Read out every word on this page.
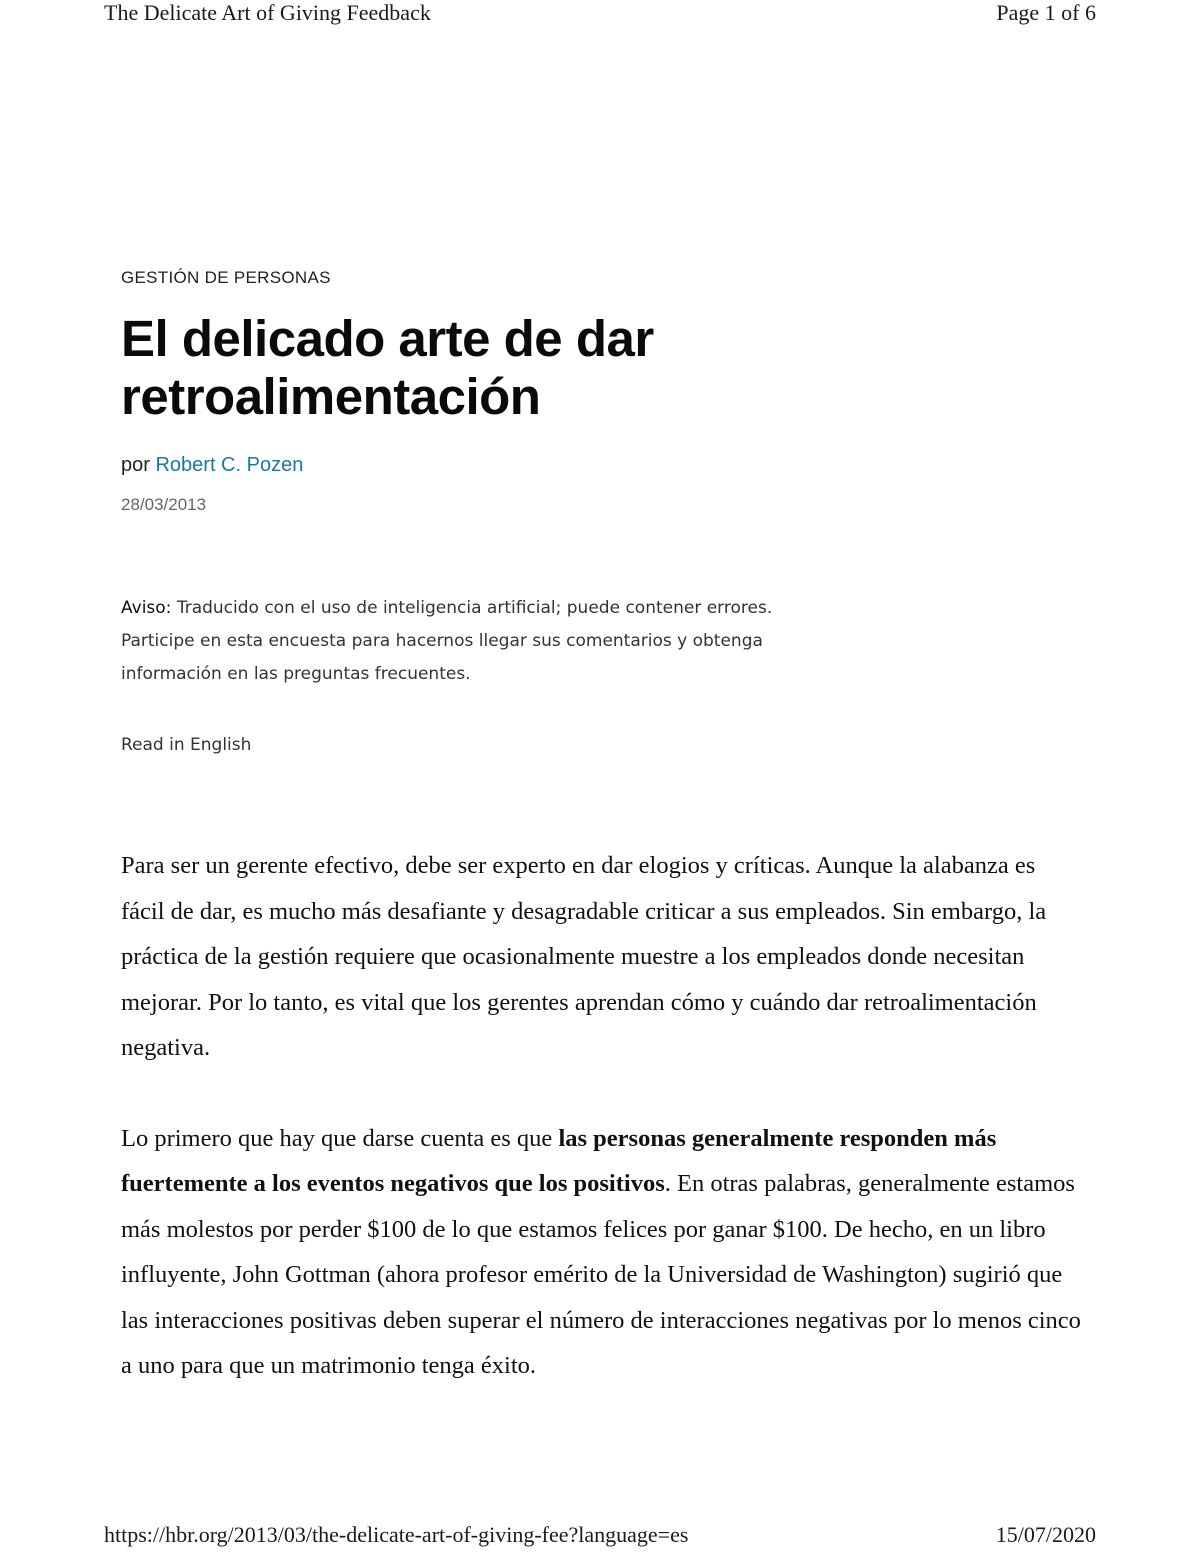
The Delicate Art of Giving Feedback	Page 1 of 6
GESTIÓN DE PERSONAS
El delicado arte de dar retroalimentación
por Robert C. Pozen
28/03/2013
Aviso: Traducido con el uso de inteligencia artificial; puede contener errores. Participe en esta encuesta para hacernos llegar sus comentarios y obtenga información en las preguntas frecuentes.
Read in English

Para ser un gerente efectivo, debe ser experto en dar elogios y críticas. Aunque la alabanza es fácil de dar, es mucho más desafiante y desagradable criticar a sus empleados. Sin embargo, la práctica de la gestión requiere que ocasionalmente muestre a los empleados donde necesitan mejorar. Por lo tanto, es vital que los gerentes aprendan cómo y cuándo dar retroalimentación negativa.

Lo primero que hay que darse cuenta es que las personas generalmente responden más fuertemente a los eventos negativos que los positivos. En otras palabras, generalmente estamos más molestos por perder $100 de lo que estamos felices por ganar $100. De hecho, en un libro influyente, John Gottman (ahora profesor emérito de la Universidad de Washington) sugirió que las interacciones positivas deben superar el número de interacciones negativas por lo menos cinco a uno para que un matrimonio tenga éxito.

https://hbr.org/2013/03/the-delicate-art-of-giving-fee?language=es	15/07/2020
